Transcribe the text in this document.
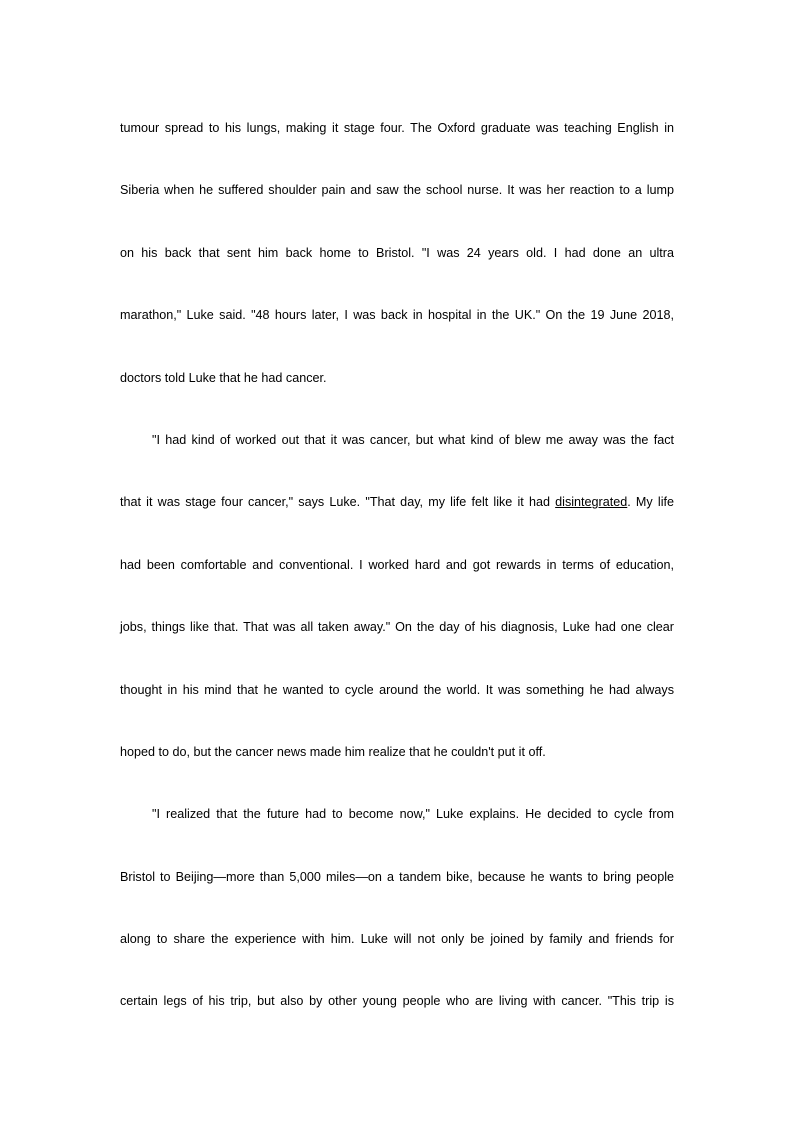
tumour spread to his lungs, making it stage four. The Oxford graduate was teaching English in
Siberia when he suffered shoulder pain and saw the school nurse. It was her reaction to a lump
on his back that sent him back home to Bristol. "I was 24 years old. I had done an ultra
marathon," Luke said. "48 hours later, I was back in hospital in the UK." On the 19 June 2018,
doctors told Luke that he had cancer.
"I had kind of worked out that it was cancer, but what kind of blew me away was the fact
that it was stage four cancer," says Luke. "That day, my life felt like it had disintegrated. My life
had been comfortable and conventional. I worked hard and got rewards in terms of education,
jobs, things like that. That was all taken away." On the day of his diagnosis, Luke had one clear
thought in his mind that he wanted to cycle around the world. It was something he had always
hoped to do, but the cancer news made him realize that he couldn't put it off.
"I realized that the future had to become now," Luke explains. He decided to cycle from
Bristol to Beijing—more than 5,000 miles—on a tandem bike, because he wants to bring people
along to share the experience with him. Luke will not only be joined by family and friends for
certain legs of his trip, but also by other young people who are living with cancer. "This trip is
